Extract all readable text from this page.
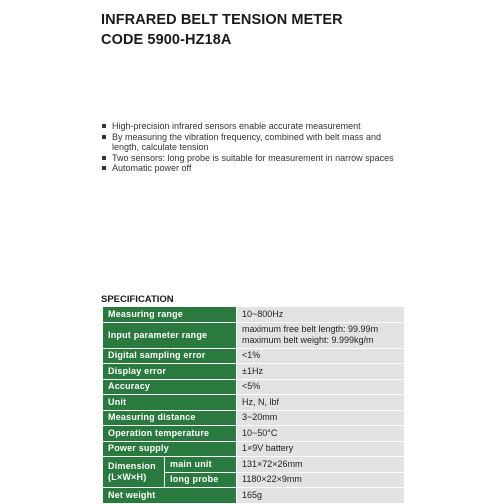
INFRARED BELT TENSION METER
CODE 5900-HZ18A
High-precision infrared sensors enable accurate measurement
By measuring the vibration frequency, combined with belt mass and length, calculate tension
Two sensors: long probe is suitable for measurement in narrow spaces
Automatic power off
SPECIFICATION
Measuring range		10~800Hz
Input parameter range		maximum free belt length: 99.99m
maximum belt weight: 9.999kg/m

Digital sampling error		<1%
Display error		±1Hz
Accuracy		<5%
Unit		Hz, N, lbf
Measuring distance		3~20mm
Operation temperature		10~50°C
Power supply		1×9V battery

Dimension
(L×W×H)	main unit	131×72×26mm
	long probe	1180×22×9mm
Net weight		165g
